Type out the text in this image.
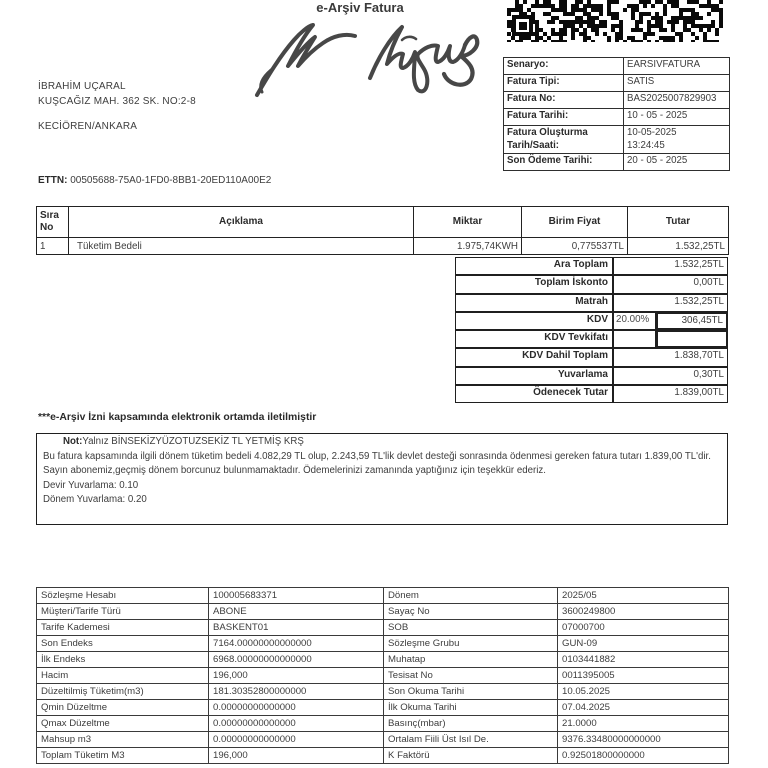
e-Arşiv Fatura
İBRAHİM UÇARAL
KUŞCAĞIZ MAH. 362 SK. NO:2-8
KECİÖREN/ANKARA
ETTN: 00505688-75A0-1FD0-8BB1-20ED110A00E2
Senaryo:	EARSIVFATURA
Fatura Tipi:	SATIS
Fatura No:	BAS2025007829903
Fatura Tarihi:	10 - 05 - 2025
Fatura Oluşturma Tarih/Saati:	10-05-2025
13:24:45

Son Ödeme Tarihi:	20 - 05 - 2025
Sıra No	Açıklama	Miktar	Birim Fiyat	Tutar
1	Tüketim Bedeli	1.975,74KWH	0,775537TL	1.532,25TL
Ara Toplam	1.532,25TL
Toplam İskonto	0,00TL
Matrah	1.532,25TL
KDV 20.00%	306,45TL
KDV Tevkifatı
KDV Dahil Toplam	1.838,70TL
Yuvarlama	0,30TL
Ödenecek Tutar	1.839,00TL
***e-Arşiv İzni kapsamında elektronik ortamda iletilmiştir
Not:Yalnız BİNSEKİZYÜZOTUZSEKİZ TL YETMİŞ KRŞ
Bu fatura kapsamında ilgili dönem tüketim bedeli 4.082,29 TL olup, 2.243,59 TL'lik devlet desteği sonrasında ödenmesi gereken fatura tutarı 1.839,00 TL'dir.
Sayın abonemiz,geçmiş dönem borcunuz bulunmamaktadır. Ödemelerinizi zamanında yaptığınız için teşekkür ederiz.
Devir Yuvarlama: 0.10
Dönem Yuvarlama: 0.20
Sözleşme Hesabı	100005683371	Dönem	2025/05
Müşteri/Tarife Türü	ABONE	Sayaç No	3600249800
Tarife Kademesi	BASKENT01	SOB	07000700
Son Endeks	7164.00000000000000	Sözleşme Grubu	GUN-09
İlk Endeks	6968.00000000000000	Muhatap	0103441882
Hacim	196,000	Tesisat No	0011395005
Düzeltilmiş Tüketim(m3)	181.30352800000000	Son Okuma Tarihi	10.05.2025
Qmin Düzeltme	0.00000000000000	İlk Okuma Tarihi	07.04.2025
Qmax Düzeltme	0.00000000000000	Basınç(mbar)	21.0000
Mahsup m3	0.00000000000000	Ortalam Fiili Üst Isıl De.	9376.33480000000000
Toplam Tüketim M3	196,000	K Faktörü	0.92501800000000
